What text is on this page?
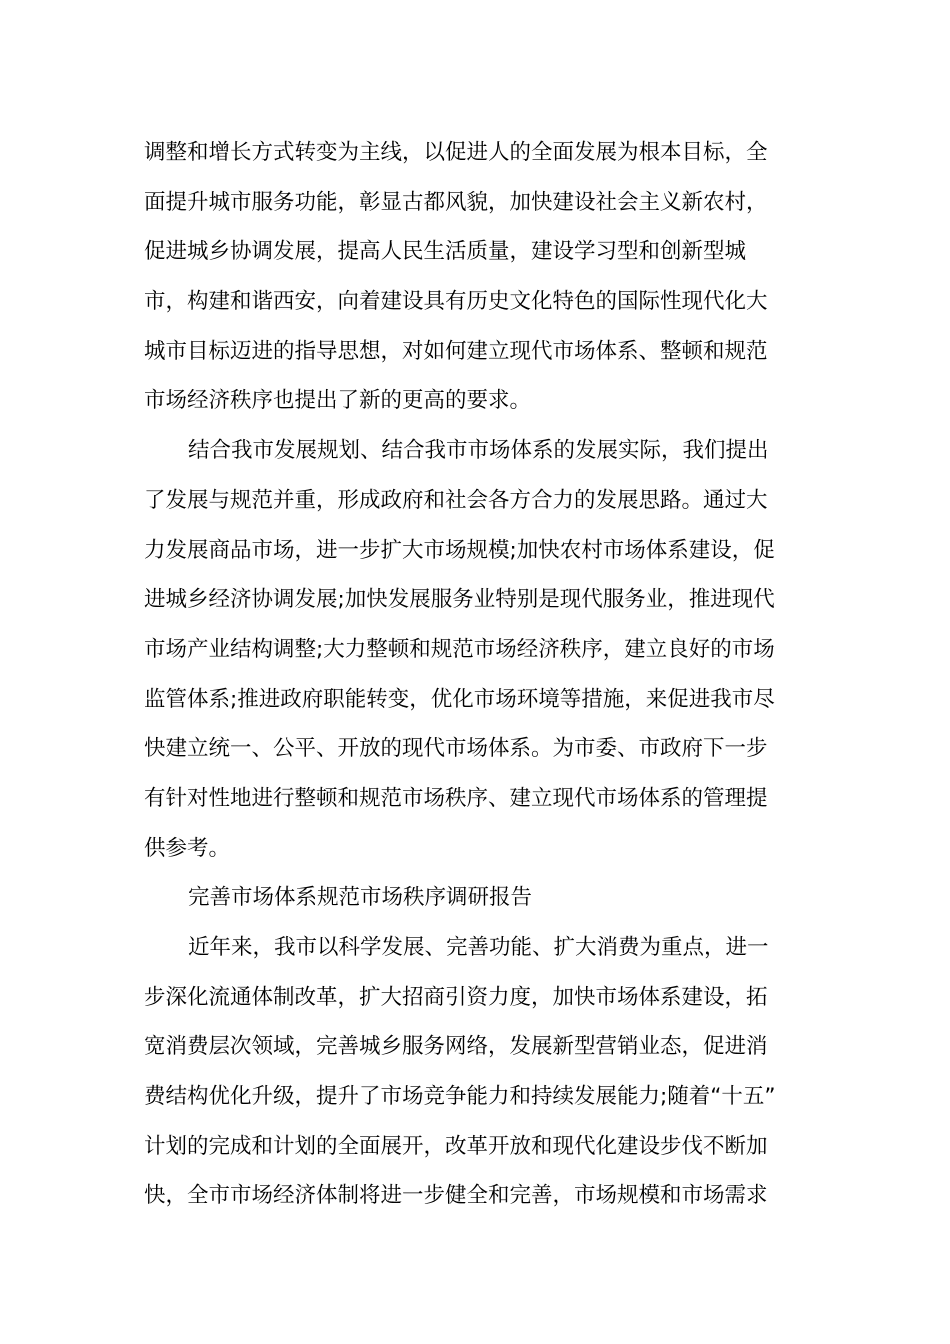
调整和增长方式转变为主线，以促进人的全面发展为根本目标，全
面提升城市服务功能，彰显古都风貌，加快建设社会主义新农村，
促进城乡协调发展，提高人民生活质量，建设学习型和创新型城
市，构建和谐西安，向着建设具有历史文化特色的国际性现代化大
城市目标迈进的指导思想，对如何建立现代市场体系、整顿和规范
市场经济秩序也提出了新的更高的要求。
结合我市发展规划、结合我市市场体系的发展实际，我们提出
了发展与规范并重，形成政府和社会各方合力的发展思路。通过大
力发展商品市场，进一步扩大市场规模;加快农村市场体系建设，促
进城乡经济协调发展;加快发展服务业特别是现代服务业，推进现代
市场产业结构调整;大力整顿和规范市场经济秩序，建立良好的市场
监管体系;推进政府职能转变，优化市场环境等措施，来促进我市尽
快建立统一、公平、开放的现代市场体系。为市委、市政府下一步
有针对性地进行整顿和规范市场秩序、建立现代市场体系的管理提
供参考。
完善市场体系规范市场秩序调研报告
近年来，我市以科学发展、完善功能、扩大消费为重点，进一
步深化流通体制改革，扩大招商引资力度，加快市场体系建设，拓
宽消费层次领域，完善城乡服务网络，发展新型营销业态，促进消
费结构优化升级，提升了市场竞争能力和持续发展能力;随着“十五”
计划的完成和计划的全面展开，改革开放和现代化建设步伐不断加
快，全市市场经济体制将进一步健全和完善，市场规模和市场需求
